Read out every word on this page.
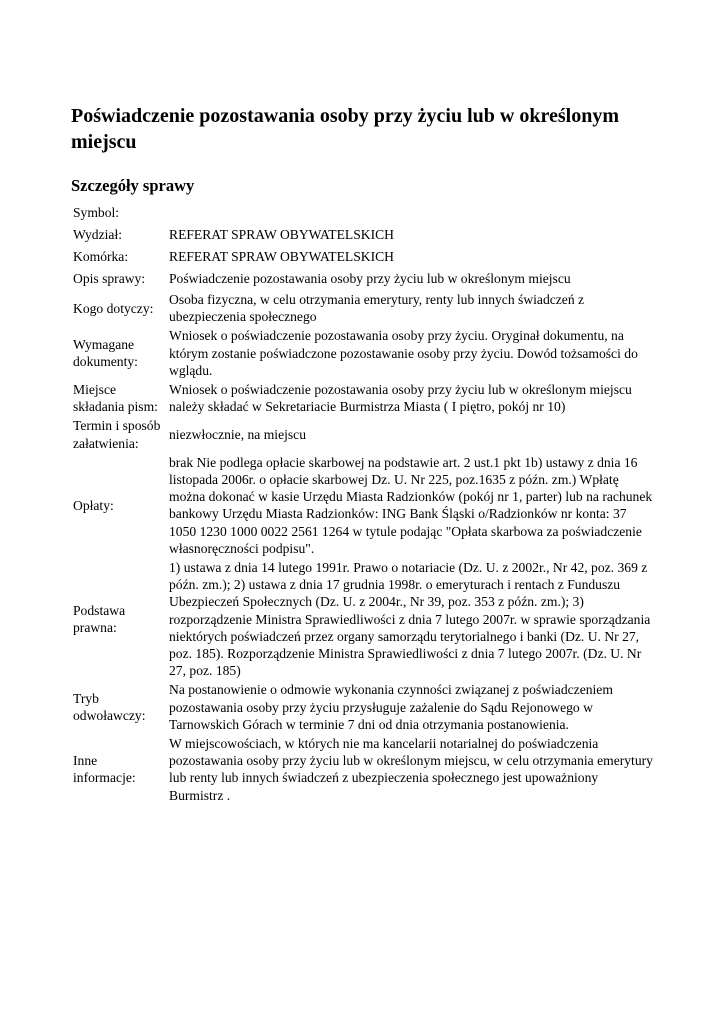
Poświadczenie pozostawania osoby przy życiu lub w określonym miejscu
Szczegóły sprawy
Symbol:	
Wydział:	REFERAT SPRAW OBYWATELSKICH
Komórka:	REFERAT SPRAW OBYWATELSKICH
Opis sprawy:	Poświadczenie pozostawania osoby przy życiu lub w określonym miejscu
Kogo dotyczy:	Osoba fizyczna, w celu otrzymania emerytury, renty lub innych świadczeń z ubezpieczenia społecznego
Wymagane dokumenty:	Wniosek o poświadczenie pozostawania osoby przy życiu. Oryginał dokumentu, na którym zostanie poświadczone pozostawanie osoby przy życiu. Dowód tożsamości do wglądu.
Miejsce składania pism:	Wniosek o poświadczenie pozostawania osoby przy życiu lub w określonym miejscu należy składać w Sekretariacie Burmistrza Miasta ( I piętro, pokój nr 10)
Termin i sposób załatwienia:	niezwłocznie, na miejscu
Opłaty:	brak Nie podlega opłacie skarbowej na podstawie art. 2 ust.1 pkt 1b) ustawy z dnia 16 listopada 2006r. o opłacie skarbowej Dz. U. Nr 225, poz.1635 z późn. zm.) Wpłatę można dokonać w kasie Urzędu Miasta Radzionków (pokój nr 1, parter) lub na rachunek bankowy Urzędu Miasta Radzionków: ING Bank Śląski o/Radzionków nr konta: 37 1050 1230 1000 0022 2561 1264 w tytule podając "Opłata skarbowa za poświadczenie własnoręczności podpisu".
Podstawa prawna:	1) ustawa z dnia 14 lutego 1991r. Prawo o notariacie (Dz. U. z 2002r., Nr 42, poz. 369 z późn. zm.); 2) ustawa z dnia 17 grudnia 1998r. o emeryturach i rentach z Funduszu Ubezpieczeń Społecznych (Dz. U. z 2004r., Nr 39, poz. 353 z późn. zm.); 3) rozporządzenie Ministra Sprawiedliwości z dnia 7 lutego 2007r. w sprawie sporządzania niektórych poświadczeń przez organy samorządu terytorialnego i banki (Dz. U. Nr 27, poz. 185). Rozporządzenie Ministra Sprawiedliwości z dnia 7 lutego 2007r. (Dz. U. Nr 27, poz. 185)
Tryb odwoławczy:	Na postanowienie o odmowie wykonania czynności związanej z poświadczeniem pozostawania osoby przy życiu przysługuje zażalenie do Sądu Rejonowego w Tarnowskich Górach w terminie 7 dni od dnia otrzymania postanowienia.
Inne informacje:	W miejscowościach, w których nie ma kancelarii notarialnej do poświadczenia pozostawania osoby przy życiu lub w określonym miejscu, w celu otrzymania emerytury lub renty lub innych świadczeń z ubezpieczenia społecznego jest upoważniony Burmistrz .
